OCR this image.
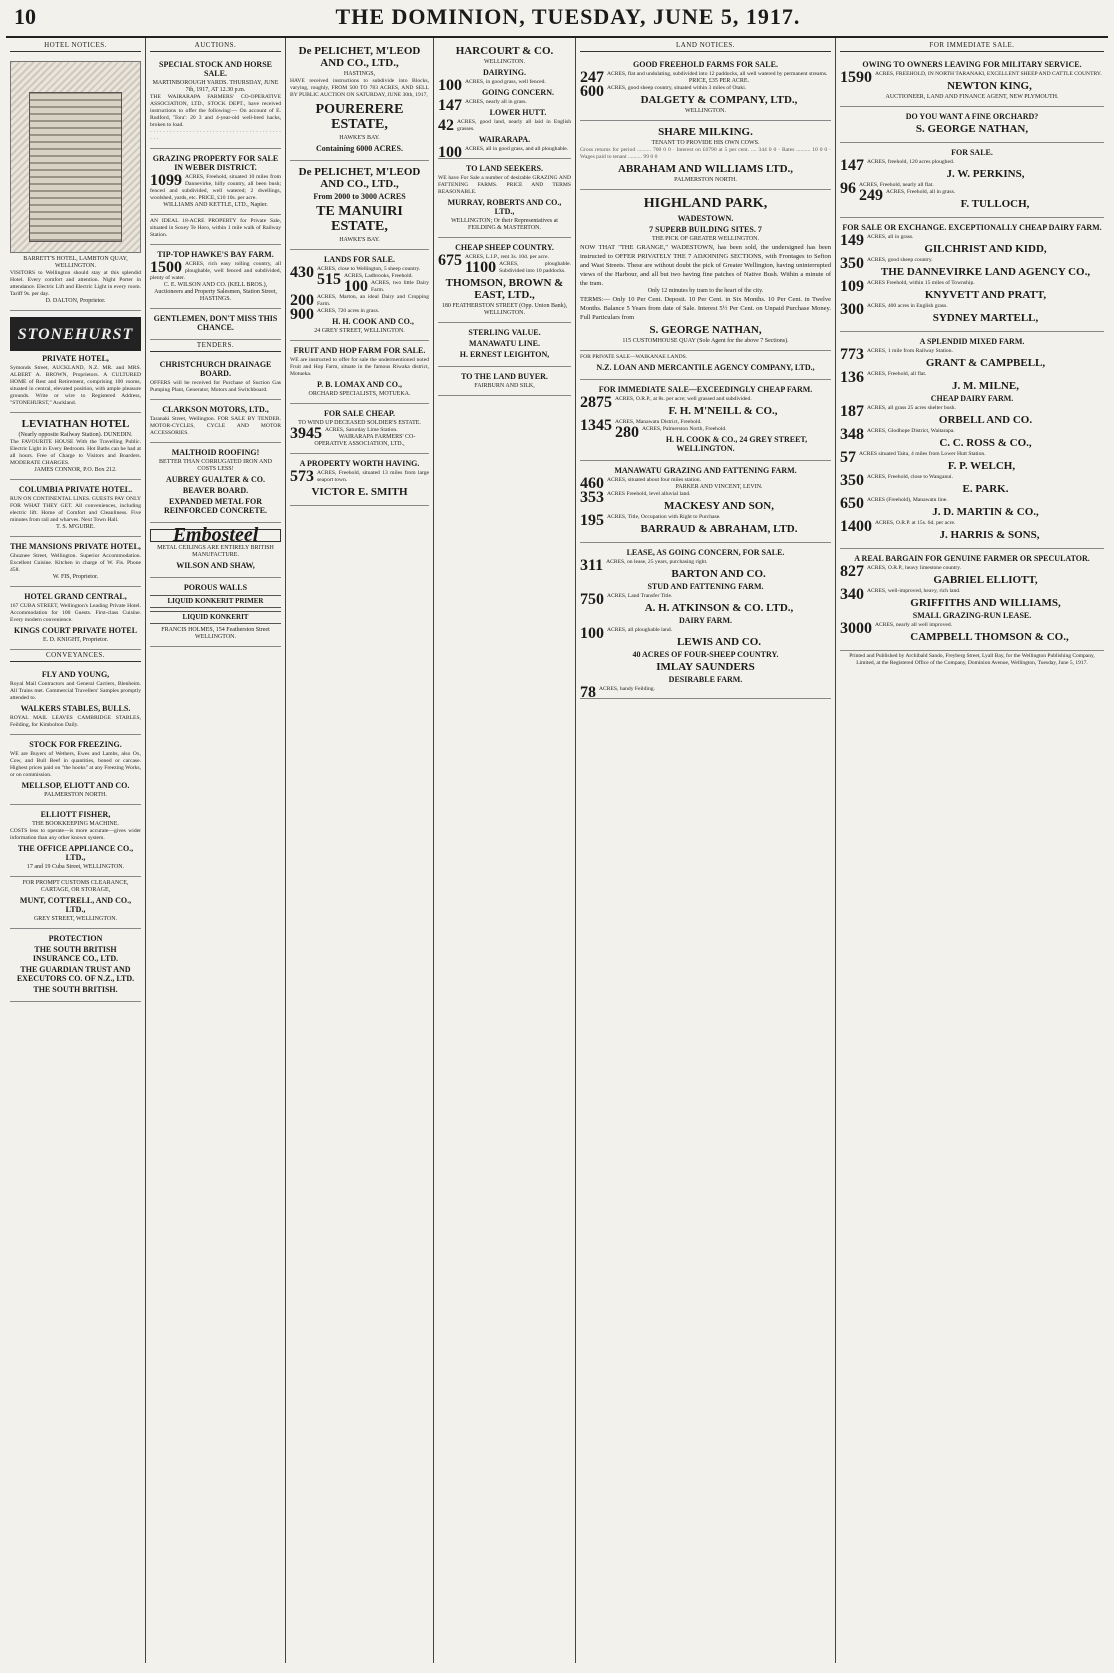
10	THE DOMINION, TUESDAY, JUNE 5, 1917.
HOTEL NOTICES.
BARRETT'S HOTEL, LAMBTON QUAY, WELLINGTON.
VISITORS to Wellington should stay at this splendid Hotel. Every comfort and attention. Night Porter in attendance. Electric Lift and Electric Light in every room. Tariff 9s. per day.
D. DALTON, Proprietor.
STONEHURST
PRIVATE HOTEL,
Symonds Street, AUCKLAND, N.Z. MR. and MRS. ALBERT A. BROWN, Proprietors. A CULTURED HOME of Rest and Retirement, comprising 100 rooms, situated in central, elevated position, with ample pleasure grounds. Write or wire to Registered Address, "STONEHURST," Auckland.
LEVIATHAN HOTEL
(Nearly opposite Railway Station). DUNEDIN.
The FAVOURITE HOUSE With the Travelling Public. Electric Light in Every Bedroom. Hot Baths can be had at all hours. Free of Charge to Visitors and Boarders. MODERATE CHARGES.
JAMES CONNOR, P.O. Box 212.
COLUMBIA PRIVATE HOTEL.
RUN ON CONTINENTAL LINES. GUESTS PAY ONLY FOR WHAT THEY GET. All conveniences, including electric lift. Home of Comfort and Cleanliness. Five minutes from rail and wharves. Next Town Hall.
T. S. M'GUIRE.
THE MANSIONS PRIVATE HOTEL,
Ghuznee Street, Wellington. Superior Accommodation. Excellent Cuisine. Kitchen in charge of W. Fis. Phone 458.
W. FIS, Proprietor.
HOTEL GRAND CENTRAL,
167 CUBA STREET, Wellington's Leading Private Hotel. Accommodation for 100 Guests. First-class Cuisine. Every modern convenience.
KINGS COURT PRIVATE HOTEL
E. D. KNIGHT, Proprietor.
CONVEYANCES.
FLY AND YOUNG,
Royal Mail Contractors and General Carriers, Blenheim. All Trains met. Commercial Travellers' Samples promptly attended to.
WALKERS STABLES, BULLS.
ROYAL MAIL LEAVES CAMBRIDGE STABLES, Feilding, for Kimbolton Daily.
STOCK FOR FREEZING.
WE are Buyers of Wethers, Ewes and Lambs, also Ox, Cow, and Bull Beef in quantities, boned or carcase. Highest prices paid on "the hooks" at any Freezing Works, or on commission.
MELLSOP, ELIOTT AND CO.
PALMERSTON NORTH.
ELLIOTT FISHER,
THE BOOKKEEPING MACHINE.
COSTS less to operate—is more accurate—gives wider information than any other known system.
THE OFFICE APPLIANCE CO., LTD.,
17 and 19 Cuba Street, WELLINGTON.
FOR PROMPT CUSTOMS CLEARANCE, CARTAGE, OR STORAGE,
MUNT, COTTRELL, AND CO., LTD.,
GREY STREET, WELLINGTON.
PROTECTION
THE SOUTH BRITISH INSURANCE CO., LTD.
THE GUARDIAN TRUST AND EXECUTORS CO. OF N.Z., LTD.
THE SOUTH BRITISH.
AUCTIONS.
SPECIAL STOCK AND HORSE SALE.
MARTINBOROUGH YARDS. THURSDAY, JUNE 7th, 1917, AT 12.30 p.m.
THE WAIRARAPA FARMERS' CO-OPERATIVE ASSOCIATION, LTD., STOCK DEPT., have received instructions to offer the following:— On account of E. Rudford, 'Tora': 20 3 and 4-year-old well-bred hacks, broken to load.
· · · · · · · · · · · · · · · · · · · · · · · · · · · · · · · · · · · · · · · · · · ·
GRAZING PROPERTY FOR SALE IN WEBER DISTRICT.
1099 ACRES, Freehold, situated 10 miles from Dannevirke, hilly country, all been bush; fenced and subdivided, well watered; 2 dwellings, woolshed, yards, etc. PRICE, £10 10s. per acre.
WILLIAMS AND KETTLE, LTD., Napier.
AN IDEAL 18-ACRE PROPERTY for Private Sale, situated in Soxey Te Horo, within 1 mile walk of Railway Station.
TIP-TOP HAWKE'S BAY FARM.
1500 ACRES, rich easy rolling country, all ploughable, well fenced and subdivided, plenty of water.
C. E. WILSON AND CO. (KELL BROS.), Auctioneers and Property Salesmen, Station Street, HASTINGS.
GENTLEMEN, DON'T MISS THIS CHANCE.
TENDERS.
CHRISTCHURCH DRAINAGE BOARD.
OFFERS will be received for Purchase of Suction Gas Pumping Plant, Generator, Motors and Switchboard.
CLARKSON MOTORS, LTD.,
Taranaki Street, Wellington. FOR SALE BY TENDER. MOTOR-CYCLES, CYCLE AND MOTOR ACCESSORIES.
MALTHOID ROOFING!
BETTER THAN CORRUGATED IRON AND COSTS LESS!
AUBREY GUALTER & CO.
BEAVER BOARD.
EXPANDED METAL FOR REINFORCED CONCRETE.
Embosteel
METAL CEILINGS ARE ENTIRELY BRITISH MANUFACTURE.
WILSON AND SHAW,
POROUS WALLS
LIQUID KONKERIT PRIMER
LIQUID KONKERIT
FRANCIS HOLMES, 154 Featherston Street WELLINGTON.
De PELICHET, M'LEOD AND CO., LTD.,
HASTINGS,
HAVE received instructions to subdivide into Blocks, varying, roughly, FROM 500 TO 783 ACRES, AND SELL BY PUBLIC AUCTION ON SATURDAY, JUNE 30th, 1917,
POURERERE ESTATE,
HAWKE'S BAY.
Containing 6000 ACRES.
De PELICHET, M'LEOD AND CO., LTD.,
From 2000 to 3000 ACRES
TE MANUIRI ESTATE,
HAWKE'S BAY.
LANDS FOR SALE.
430 ACRES, close to Wellington, 5 sheep country.
515 ACRES, Ladbrooks, Freehold.
100 ACRES, two little Dairy Farm.
200 ACRES, Marton, an ideal Dairy and Cropping Farm.
900 ACRES, 720 acres in grass.
H. H. COOK AND CO.,
24 GREY STREET, WELLINGTON.
FRUIT AND HOP FARM FOR SALE.
WE are instructed to offer for sale the undermentioned noted Fruit and Hop Farm, situate in the famous Riwaka district, Motueka.
P. B. LOMAX AND CO.,
ORCHARD SPECIALISTS, MOTUEKA.
FOR SALE CHEAP.
TO WIND UP DECEASED SOLDIER'S ESTATE.
3945 ACRES, Saturday Lime Station.
WAIRARAPA FARMERS' CO-OPERATIVE ASSOCIATION, LTD.,
A PROPERTY WORTH HAVING.
573 ACRES, Freehold, situated 13 miles from large seaport town.
VICTOR E. SMITH
HARCOURT & CO.
WELLINGTON.
DAIRYING.
100 ACRES, in good grass, well fenced.
GOING CONCERN.
147 ACRES, nearly all in grass.
LOWER HUTT.
42 ACRES, good land, nearly all laid in English grasses.
WAIRARAPA.
100 ACRES, all in good grass, and all ploughable.
TO LAND SEEKERS.
WE have For Sale a number of desirable GRAZING AND FATTENING FARMS. PRICE AND TERMS REASONABLE.
MURRAY, ROBERTS AND CO., LTD.,
WELLINGTON; Or their Representatives at FEILDING & MASTERTON.
CHEAP SHEEP COUNTRY.
675 ACRES, L.I.P., rent 3s. 10d. per acre.
1100 ACRES, ploughable. Subdivided into 10 paddocks.
THOMSON, BROWN & EAST, LTD.,
180 FEATHERSTON STREET (Opp. Union Bank), WELLINGTON.
STERLING VALUE.
MANAWATU LINE.
H. ERNEST LEIGHTON,
TO THE LAND BUYER.
FAIRBURN AND SILK,
LAND NOTICES.
GOOD FREEHOLD FARMS FOR SALE.
247 ACRES, flat and undulating, subdivided into 12 paddocks, all well watered by permanent streams.
PRICE, £35 PER ACRE.
600 ACRES, good sheep country, situated within 3 miles of Otaki.
DALGETY & COMPANY, LTD.,
WELLINGTON.
SHARE MILKING.
TENANT TO PROVIDE HIS OWN COWS.
Gross returns for period .......... 700 0 0 · Interest on £6790 at 5 per cent. .... 344 0 0 · Rates .......... 10 0 0 · Wages paid to tenant .......... 99 0 0
ABRAHAM AND WILLIAMS LTD.,
PALMERSTON NORTH.
HIGHLAND PARK,
WADESTOWN.
7 SUPERB BUILDING SITES. 7
THE PICK OF GREATER WELLINGTON.
NOW THAT "THE GRANGE," WADESTOWN, has been sold, the undersigned has been instructed to OFFER PRIVATELY THE 7 ADJOINING SECTIONS, with Frontages to Sefton and Wast Streets. These are without doubt the pick of Greater Wellington, having uninterrupted views of the Harbour, and all but two having fine patches of Native Bush. Within a minute of the tram.
Only 12 minutes by tram to the heart of the city.
TERMS:— Only 10 Per Cent. Deposit. 10 Per Cent. in Six Months. 10 Per Cent. in Twelve Months. Balance 5 Years from date of Sale. Interest 5½ Per Cent. on Unpaid Purchase Money. Full Particulars from
S. GEORGE NATHAN,
115 CUSTOMHOUSE QUAY (Sole Agent for the above 7 Sections).
FOR PRIVATE SALE—WAIKANAE LANDS.
N.Z. LOAN AND MERCANTILE AGENCY COMPANY, LTD.,
FOR IMMEDIATE SALE—EXCEEDINGLY CHEAP FARM.
2875 ACRES, O.R.P., at 8s. per acre; well grassed and subdivided.
F. H. M'NEILL & CO.,
1345 ACRES, Manawatu District, Freehold.
280 ACRES, Palmerston North, Freehold.
H. H. COOK & CO., 24 GREY STREET, WELLINGTON.
MANAWATU GRAZING AND FATTENING FARM.
460 ACRES, situated about four miles station.
PARKER AND VINCENT, LEVIN.
353 ACRES Freehold, level alluvial land.
MACKESY AND SON,
195 ACRES, Title, Occupation with Right to Purchase.
BARRAUD & ABRAHAM, LTD.
LEASE, AS GOING CONCERN, FOR SALE.
311 ACRES, on lease, 25 years, purchasing right.
BARTON AND CO.
STUD AND FATTENING FARM.
750 ACRES, Land Transfer Title.
A. H. ATKINSON & CO. LTD.,
DAIRY FARM.
100 ACRES, all ploughable land.
LEWIS AND CO.
40 ACRES OF FOUR-SHEEP COUNTRY.
IMLAY SAUNDERS
DESIRABLE FARM.
78 ACRES, handy Feilding.
FOR IMMEDIATE SALE.
OWING TO OWNERS LEAVING FOR MILITARY SERVICE.
1590 ACRES, FREEHOLD, IN NORTH TARANAKI, EXCELLENT SHEEP AND CATTLE COUNTRY.
NEWTON KING,
AUCTIONEER, LAND AND FINANCE AGENT, NEW PLYMOUTH.
DO YOU WANT A FINE ORCHARD?
S. GEORGE NATHAN,
FOR SALE.
147 ACRES, freehold, 120 acres ploughed.
J. W. PERKINS,
96 ACRES, Freehold, nearly all flat.
249 ACRES, Freehold, all in grass.
F. TULLOCH,
FOR SALE OR EXCHANGE. EXCEPTIONALLY CHEAP DAIRY FARM.
149 ACRES, all in grass.
GILCHRIST AND KIDD,
350 ACRES, good sheep country.
THE DANNEVIRKE LAND AGENCY CO.,
109 ACRES Freehold, within 15 miles of Township.
KNYVETT AND PRATT,
300 ACRES, 400 acres in English grass.
SYDNEY MARTELL,
A SPLENDID MIXED FARM.
773 ACRES, 1 mile from Railway Station.
GRANT & CAMPBELL,
136 ACRES, Freehold, all flat.
J. M. MILNE,
CHEAP DAIRY FARM.
187 ACRES, all grass 25 acres shelter bush.
ORBELL AND CO.
348 ACRES, Glodhope District, Waitarapa.
C. C. ROSS & CO.,
57 ACRES situated Taita, 4 miles from Lower Hutt Station.
F. P. WELCH,
350 ACRES, Freehold, close to Wanganui.
E. PARK.
650 ACRES (Freehold), Manawatu line.
J. D. MARTIN & CO.,
1400 ACRES, O.R.P. at 15s. 6d. per acre.
J. HARRIS & SONS,
A REAL BARGAIN FOR GENUINE FARMER OR SPECULATOR.
827 ACRES, O.R.P., heavy limestone country.
GABRIEL ELLIOTT,
340 ACRES, well-improved, heavy, rich land.
GRIFFITHS AND WILLIAMS,
SMALL GRAZING-RUN LEASE.
3000 ACRES, nearly all well improved.
CAMPBELL THOMSON & CO.,
Printed and Published by Archibald Sando, Freyberg Street, Lyall Bay, for the Wellington Publishing Company, Limited, at the Registered Office of the Company, Dominion Avenue, Wellington, Tuesday, June 5, 1917.
